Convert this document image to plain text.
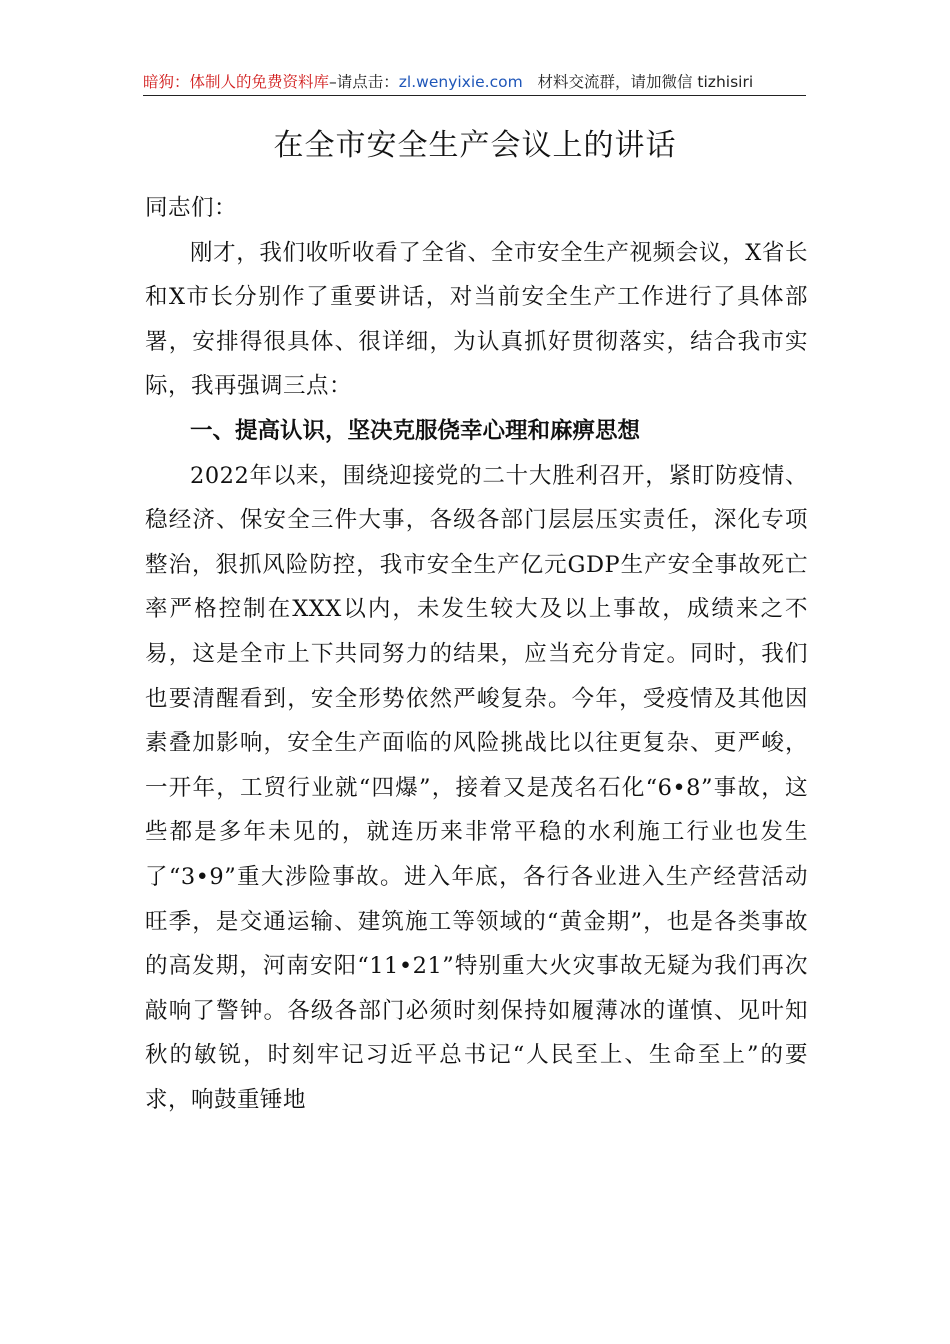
暗狗：体制人的免费资料库–请点击：zl.wenyixie.com 材料交流群，请加微信 tizhisiri
在全市安全生产会议上的讲话

同志们：

刚才，我们收听收看了全省、全市安全生产视频会议，X省长和X市长分别作了重要讲话，对当前安全生产工作进行了具体部署，安排得很具体、很详细，为认真抓好贯彻落实，结合我市实际，我再强调三点：

一、提高认识，坚决克服侥幸心理和麻痹思想

2022年以来，围绕迎接党的二十大胜利召开，紧盯防疫情、稳经济、保安全三件大事，各级各部门层层压实责任，深化专项整治，狠抓风险防控，我市安全生产亿元GDP生产安全事故死亡率严格控制在XXX以内，未发生较大及以上事故，成绩来之不易，这是全市上下共同努力的结果，应当充分肯定。同时，我们也要清醒看到，安全形势依然严峻复杂。今年，受疫情及其他因素叠加影响，安全生产面临的风险挑战比以往更复杂、更严峻，一开年，工贸行业就“四爆”，接着又是茂名石化“6•8”事故，这些都是多年未见的，就连历来非常平稳的水利施工行业也发生了“3•9”重大涉险事故。进入年底，各行各业进入生产经营活动旺季，是交通运输、建筑施工等领域的“黄金期”，也是各类事故的高发期，河南安阳“11•21”特别重大火灾事故无疑为我们再次敲响了警钟。各级各部门必须时刻保持如履薄冰的谨慎、见叶知秋的敏锐，时刻牢记习近平总书记“人民至上、生命至上”的要求，响鼓重锤地
